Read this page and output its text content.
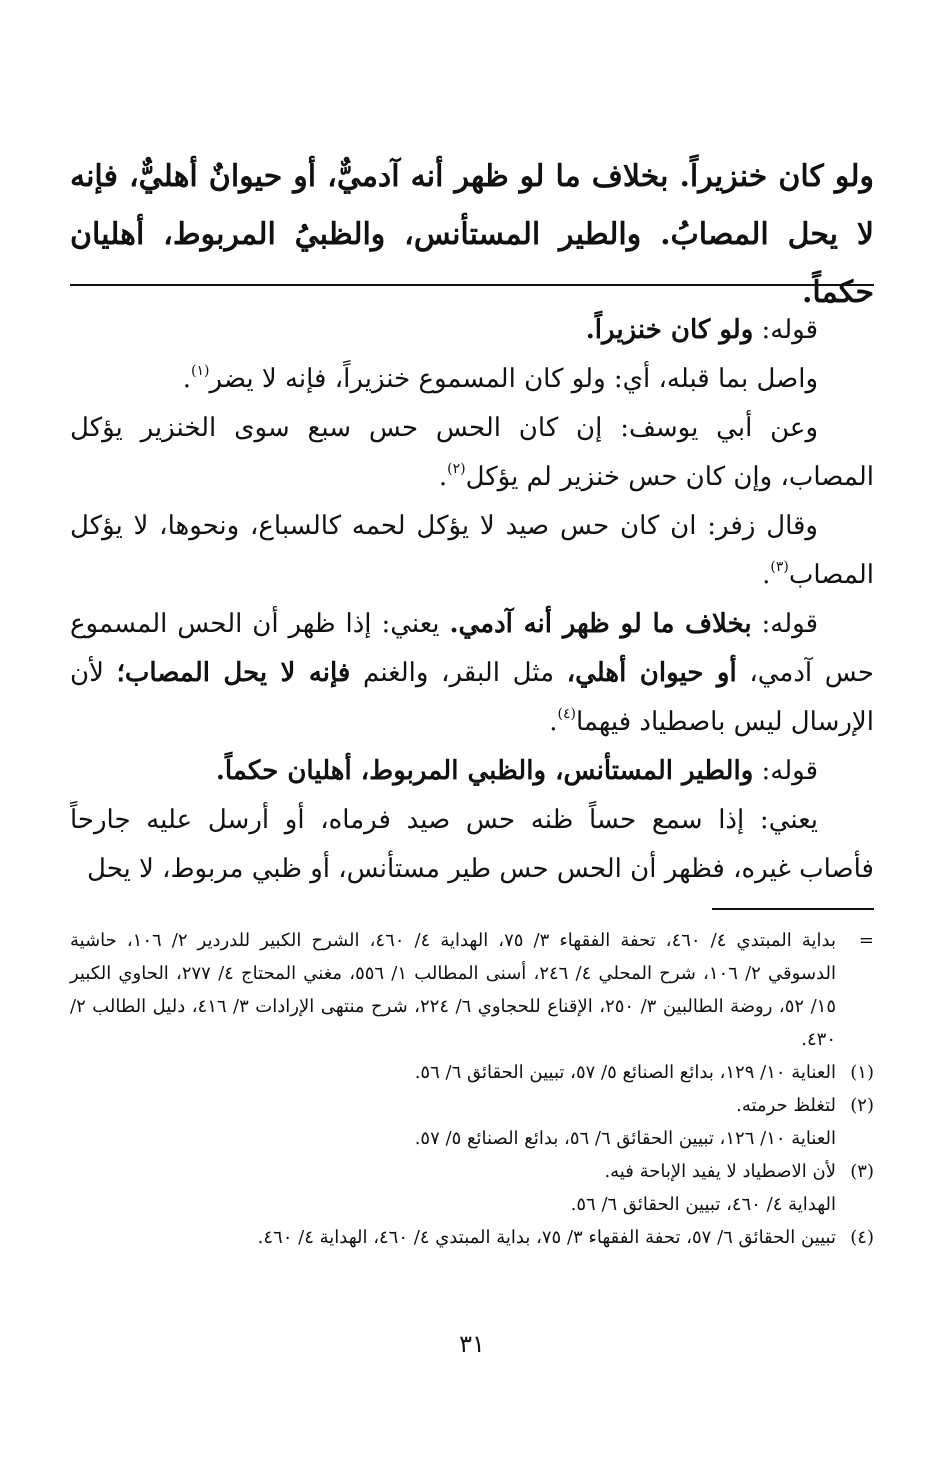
ولو كان خنزيراً. بخلاف ما لو ظهر أنه آدميٌّ، أو حيوانٌ أهليٌّ، فإنه لا يحل المصابُ. والطير المستأنس، والظبيُ المربوط، أهليان حكماً.

قوله: ولو كان خنزيراً.

واصل بما قبله، أي: ولو كان المسموع خنزيراً، فإنه لا يضر$^{(١)}$.

وعن أبي يوسف: إن كان الحس حس سبع سوى الخنزير يؤكل المصاب، وإن كان حس خنزير لم يؤكل$^{(٢)}$.

وقال زفر: ان كان حس صيد لا يؤكل لحمه كالسباع، ونحوها، لا يؤكل المصاب$^{(٣)}$.

قوله: بخلاف ما لو ظهر أنه آدمي. يعني: إذا ظهر أن الحس المسموع حس آدمي، أو حيوان أهلي، مثل البقر، والغنم فإنه لا يحل المصاب؛ لأن الإرسال ليس باصطياد فيهما$^{(٤)}$.

قوله: والطير المستأنس، والظبي المربوط، أهليان حكماً.

يعني: إذا سمع حساً ظنه حس صيد فرماه، أو أرسل عليه جارحاً فأصاب غيره، فظهر أن الحس حس طير مستأنس، أو ظبي مربوط، لا يحل

=
بداية المبتدي ٤/ ٤٦٠، تحفة الفقهاء ٣/ ٧٥، الهداية ٤/ ٤٦٠، الشرح الكبير للدردير ٢/ ١٠٦، حاشية الدسوقي ٢/ ١٠٦، شرح المحلي ٤/ ٢٤٦، أسنى المطالب ١/ ٥٥٦، مغني المحتاج ٤/ ٢٧٧، الحاوي الكبير ١٥/ ٥٢، روضة الطالبين ٣/ ٢٥٠، الإقناع للحجاوي ٦/ ٢٢٤، شرح منتهى الإرادات ٣/ ٤١٦، دليل الطالب ٢/ ٤٣٠.
(١)
العناية ١٠/ ١٢٩، بدائع الصنائع ٥/ ٥٧، تبيين الحقائق ٦/ ٥٦.
(٢)
لتغلظ حرمته.
العناية ١٠/ ١٢٦، تبيين الحقائق ٦/ ٥٦، بدائع الصنائع ٥/ ٥٧.
(٣)
لأن الاصطياد لا يفيد الإباحة فيه.
الهداية ٤/ ٤٦٠، تبيين الحقائق ٦/ ٥٦.
(٤)
تبيين الحقائق ٦/ ٥٧، تحفة الفقهاء ٣/ ٧٥، بداية المبتدي ٤/ ٤٦٠، الهداية ٤/ ٤٦٠.
٣١
